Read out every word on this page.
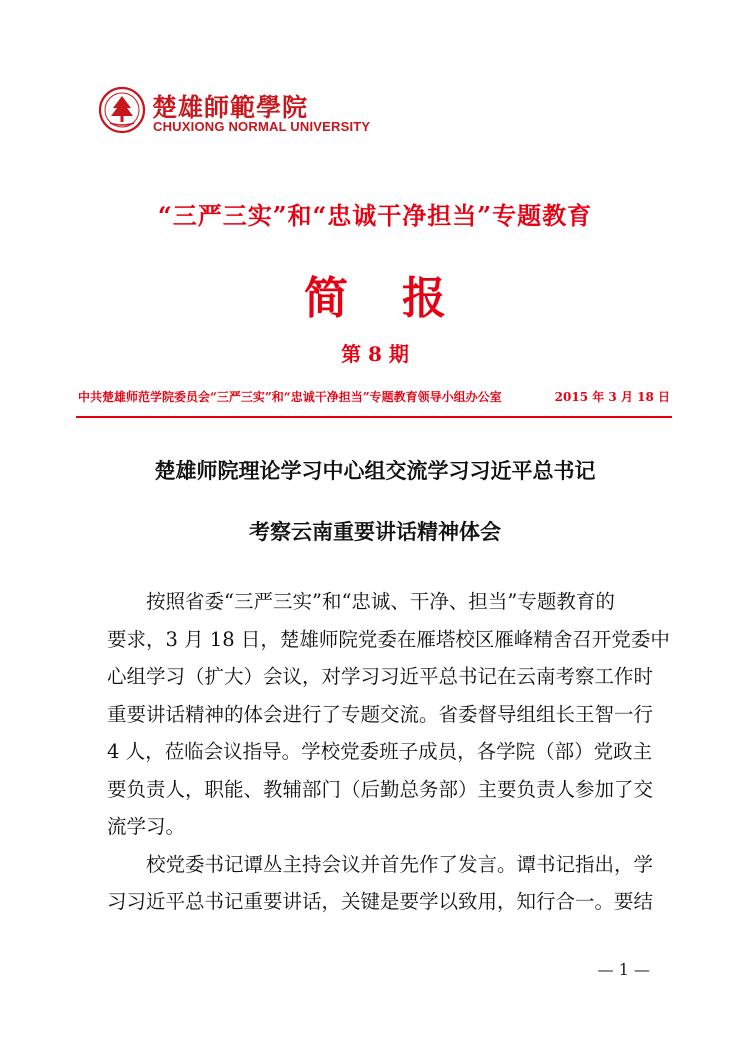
楚雄師範學院
CHUXIONG NORMAL UNIVERSITY
“三严三实”和“忠诚干净担当”专题教育
简报
第 8 期
中共楚雄师范学院委员会“三严三实”和“忠诚干净担当”专题教育领导小组办公室	2015 年 3 月 18 日
楚雄师院理论学习中心组交流学习习近平总书记
考察云南重要讲话精神体会

按照省委“三严三实”和“忠诚、干净、担当”专题教育的

要求，3 月 18 日，楚雄师院党委在雁塔校区雁峰精舍召开党委中
心组学习（扩大）会议，对学习习近平总书记在云南考察工作时
重要讲话精神的体会进行了专题交流。省委督导组组长王智一行
4 人，莅临会议指导。学校党委班子成员，各学院（部）党政主
要负责人，职能、教辅部门（后勤总务部）主要负责人参加了交
流学习。

校党委书记谭丛主持会议并首先作了发言。谭书记指出，学

习习近平总书记重要讲话，关键是要学以致用，知行合一。要结
— 1 —
